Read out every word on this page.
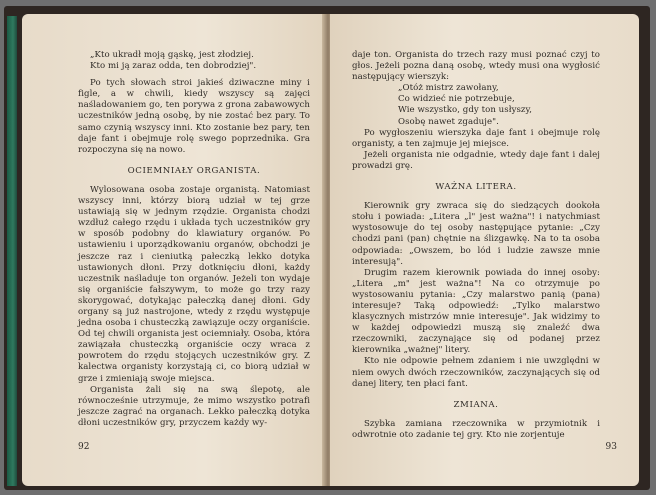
„Kto ukradł moją gąskę, jest złodziej.
Kto mi ją zaraz odda, ten dobrodziej".

Po tych słowach stroi jakieś dziwaczne miny i figle, a w chwili, kiedy wszyscy są zajęci naśladowaniem go, ten porywa z grona zabawowych uczestników jedną osobę, by nie zostać bez pary. To samo czynią wszyscy inni. Kto zostanie bez pary, ten daje fant i obejmuje rolę swego poprzednika. Gra rozpoczyna się na nowo.

OCIEMNIAŁY ORGANISTA.

Wylosowana osoba zostaje organistą. Natomiast wszyscy inni, którzy biorą udział w tej grze ustawiają się w jednym rzędzie. Organista chodzi wzdłuż całego rzędu i układa tych uczestników gry w sposób podobny do klawiatury organów. Po ustawieniu i uporządkowaniu organów, obchodzi je jeszcze raz i cieniutką pałeczką lekko dotyka ustawionych dłoni. Przy dotknięciu dłoni, każdy uczestnik naśladuje ton organów. Jeżeli ton wydaje się organiście fałszywym, to może go trzy razy skorygować, dotykając pałeczką danej dłoni. Gdy organy są już nastrojone, wtedy z rzędu występuje jedna osoba i chusteczką zawiązuje oczy organiście. Od tej chwili organista jest ociemniały. Osoba, która zawiązała chusteczką organiście oczy wraca z powrotem do rzędu stojących uczestników gry. Z kalectwa organisty korzystają ci, co biorą udział w grze i zmieniają swoje miejsca.

Organista żali się na swą ślepotę, ale równocześnie utrzymuje, że mimo wszystko potrafi jeszcze zagrać na organach. Lekko pałeczką dotyka dłoni uczestników gry, przyczem każdy wy-

92

daje ton. Organista do trzech razy musi poznać czyj to głos. Jeżeli pozna daną osobę, wtedy musi ona wygłosić następujący wierszyk:

„Otóż mistrz zawołany,
Co widzieć nie potrzebuje,
Wie wszystko, gdy ton usłyszy,
Osobę nawet zgaduje".

Po wygłoszeniu wierszyka daje fant i obejmuje rolę organisty, a ten zajmuje jej miejsce.

Jeżeli organista nie odgadnie, wtedy daje fant i dalej prowadzi grę.

WAŻNA LITERA.

Kierownik gry zwraca się do siedzących dookoła stołu i powiada: „Litera „l" jest ważna"! i natychmiast wystosowuje do tej osoby następujące pytanie: „Czy chodzi pani (pan) chętnie na ślizgawkę. Na to ta osoba odpowiada: „Owszem, bo lód i ludzie zawsze mnie interesują".

Drugim razem kierownik powiada do innej osoby: „Litera „m" jest ważna"! Na co otrzymuje po wystosowaniu pytania: „Czy malarstwo panią (pana) interesuje? Taką odpowiedź: „Tylko malarstwo klasycznych mistrzów mnie interesuje". Jak widzimy to w każdej odpowiedzi muszą się znaleźć dwa rzeczowniki, zaczynające się od podanej przez kierownika „ważnej" litery.

Kto nie odpowie pełnem zdaniem i nie uwzględni w niem owych dwóch rzeczowników, zaczynających się od danej litery, ten płaci fant.

ZMIANA.

Szybka zamiana rzeczownika w przymiotnik i odwrotnie oto zadanie tej gry. Kto nie zorjentuje

93
